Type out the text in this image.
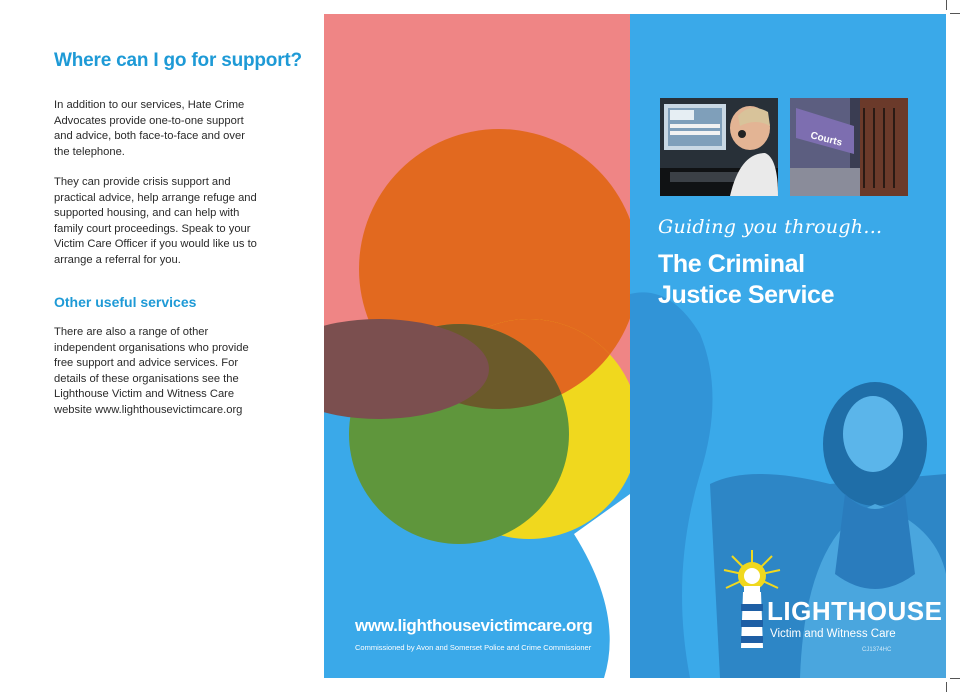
Where can I go for support?
In addition to our services, Hate Crime
Advocates provide one-to-one support
and advice, both face-to-face and over
the telephone.
They can provide crisis support and
practical advice, help arrange refuge and
supported housing, and can help with
family court proceedings. Speak to your
Victim Care Officer if you would like us to
arrange a referral for you.
Other useful services
There are also a range of other
independent organisations who provide
free support and advice services. For
details of these organisations see the
Lighthouse Victim and Witness Care
website www.lighthousevictimcare.org

www.lighthousevictimcare.org

Commissioned by Avon and Somerset Police and Crime Commissioner

Courts

Guiding you through...

The Criminal
Justice Service

LIGHTHOUSE

Victim and Witness Care

CJ1374HC
